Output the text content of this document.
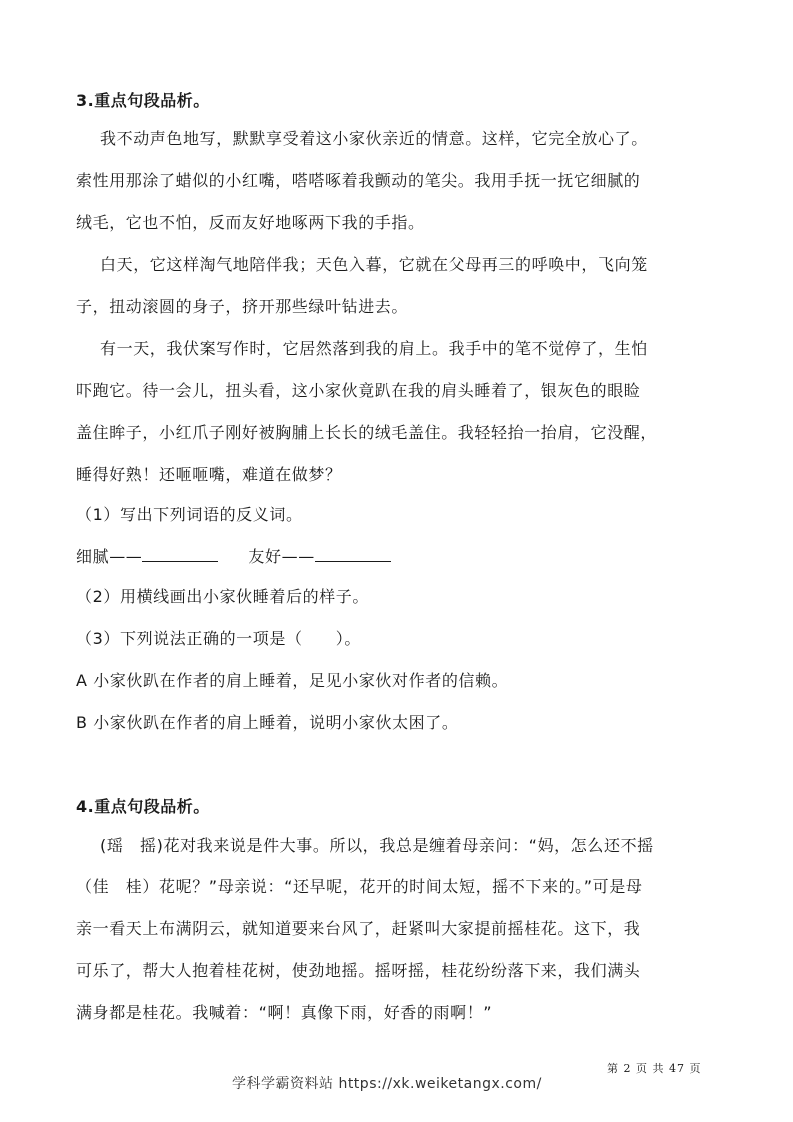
3.重点句段品析。
我不动声色地写，默默享受着这小家伙亲近的情意。这样，它完全放心了。
索性用那涂了蜡似的小红嘴，嗒嗒啄着我颤动的笔尖。我用手抚一抚它细腻的
绒毛，它也不怕，反而友好地啄两下我的手指。
白天，它这样淘气地陪伴我；天色入暮，它就在父母再三的呼唤中，飞向笼
子，扭动滚圆的身子，挤开那些绿叶钻进去。
有一天，我伏案写作时，它居然落到我的肩上。我手中的笔不觉停了，生怕
吓跑它。待一会儿，扭头看，这小家伙竟趴在我的肩头睡着了，银灰色的眼睑
盖住眸子，小红爪子刚好被胸脯上长长的绒毛盖住。我轻轻抬一抬肩，它没醒，
睡得好熟！还咂咂嘴，难道在做梦？
（1）写出下列词语的反义词。
细腻——	友好——
（2）用横线画出小家伙睡着后的样子。
（3）下列说法正确的一项是（　　）。
A 小家伙趴在作者的肩上睡着，足见小家伙对作者的信赖。
B 小家伙趴在作者的肩上睡着，说明小家伙太困了。
4.重点句段品析。
(瑶　摇)花对我来说是件大事。所以，我总是缠着母亲问：“妈，怎么还不摇
（佳　桂）花呢？”母亲说：“还早呢，花开的时间太短，摇不下来的。”可是母
亲一看天上布满阴云，就知道要来台风了，赶紧叫大家提前摇桂花。这下，我
可乐了，帮大人抱着桂花树，使劲地摇。摇呀摇，桂花纷纷落下来，我们满头
满身都是桂花。我喊着：“啊！真像下雨，好香的雨啊！”
第 2 页 共 47 页
学科学霸资料站 https://xk.weiketangx.com/
